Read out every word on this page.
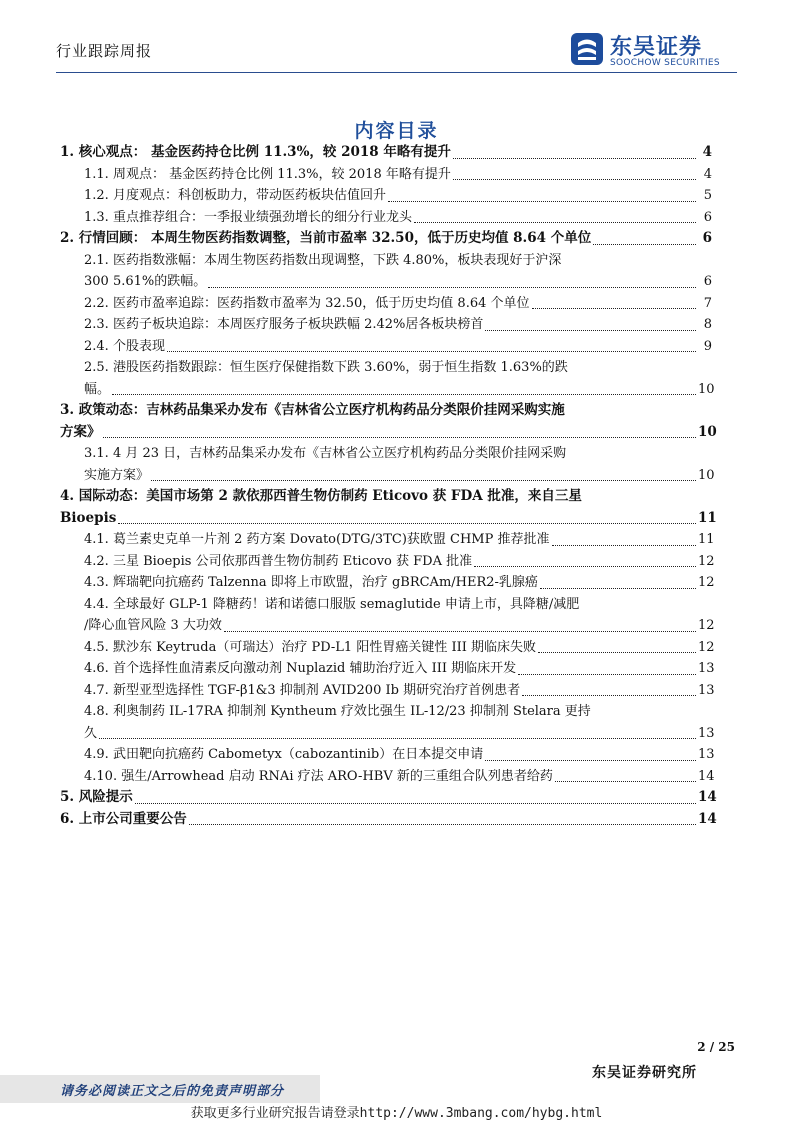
行业跟踪周报	东吴证券
SOOCHOW SECURITIES
内容目录
1. 核心观点： 基金医药持仓比例 11.3%，较 2018 年略有提升	4
1.1. 周观点： 基金医药持仓比例 11.3%，较 2018 年略有提升	4
1.2. 月度观点：科创板助力，带动医药板块估值回升	5
1.3. 重点推荐组合：一季报业绩强劲增长的细分行业龙头	6
2. 行情回顾： 本周生物医药指数调整，当前市盈率 32.50，低于历史均值 8.64 个单位	6
2.1. 医药指数涨幅：本周生物医药指数出现调整，下跌 4.80%，板块表现好于沪深
300 5.61%的跌幅。	6
2.2. 医药市盈率追踪：医药指数市盈率为 32.50，低于历史均值 8.64 个单位	7
2.3. 医药子板块追踪：本周医疗服务子板块跌幅 2.42%居各板块榜首	8
2.4. 个股表现	9
2.5. 港股医药指数跟踪：恒生医疗保健指数下跌 3.60%，弱于恒生指数 1.63%的跌
幅。	10
3. 政策动态：吉林药品集采办发布《吉林省公立医疗机构药品分类限价挂网采购实施
方案》	10
3.1. 4 月 23 日，吉林药品集采办发布《吉林省公立医疗机构药品分类限价挂网采购
实施方案》	10
4. 国际动态：美国市场第 2 款依那西普生物仿制药 Eticovo 获 FDA 批准，来自三星
Bioepis	11
4.1. 葛兰素史克单一片剂 2 药方案 Dovato(DTG/3TC)获欧盟 CHMP 推荐批准	11
4.2. 三星 Bioepis 公司依那西普生物仿制药 Eticovo 获 FDA 批准	12
4.3. 辉瑞靶向抗癌药 Talzenna 即将上市欧盟，治疗 gBRCAm/HER2-乳腺癌	12
4.4. 全球最好 GLP-1 降糖药！诺和诺德口服版 semaglutide 申请上市，具降糖/减肥
/降心血管风险 3 大功效	12
4.5. 默沙东 Keytruda（可瑞达）治疗 PD-L1 阳性胃癌关键性 III 期临床失败	12
4.6. 首个选择性血清素反向激动剂 Nuplazid 辅助治疗近入 III 期临床开发	13
4.7. 新型亚型选择性 TGF-β1&3 抑制剂 AVID200 Ib 期研究治疗首例患者	13
4.8. 利奥制药 IL-17RA 抑制剂 Kyntheum 疗效比强生 IL-12/23 抑制剂 Stelara 更持
久	13
4.9. 武田靶向抗癌药 Cabometyx（cabozantinib）在日本提交申请	13
4.10. 强生/Arrowhead 启动 RNAi 疗法 ARO-HBV 新的三重组合队列患者给药	14
5. 风险提示	14
6. 上市公司重要公告	14
2 / 25
东吴证券研究所
请务必阅读正文之后的免责声明部分
获取更多行业研究报告请登录http://www.3mbang.com/hybg.html
